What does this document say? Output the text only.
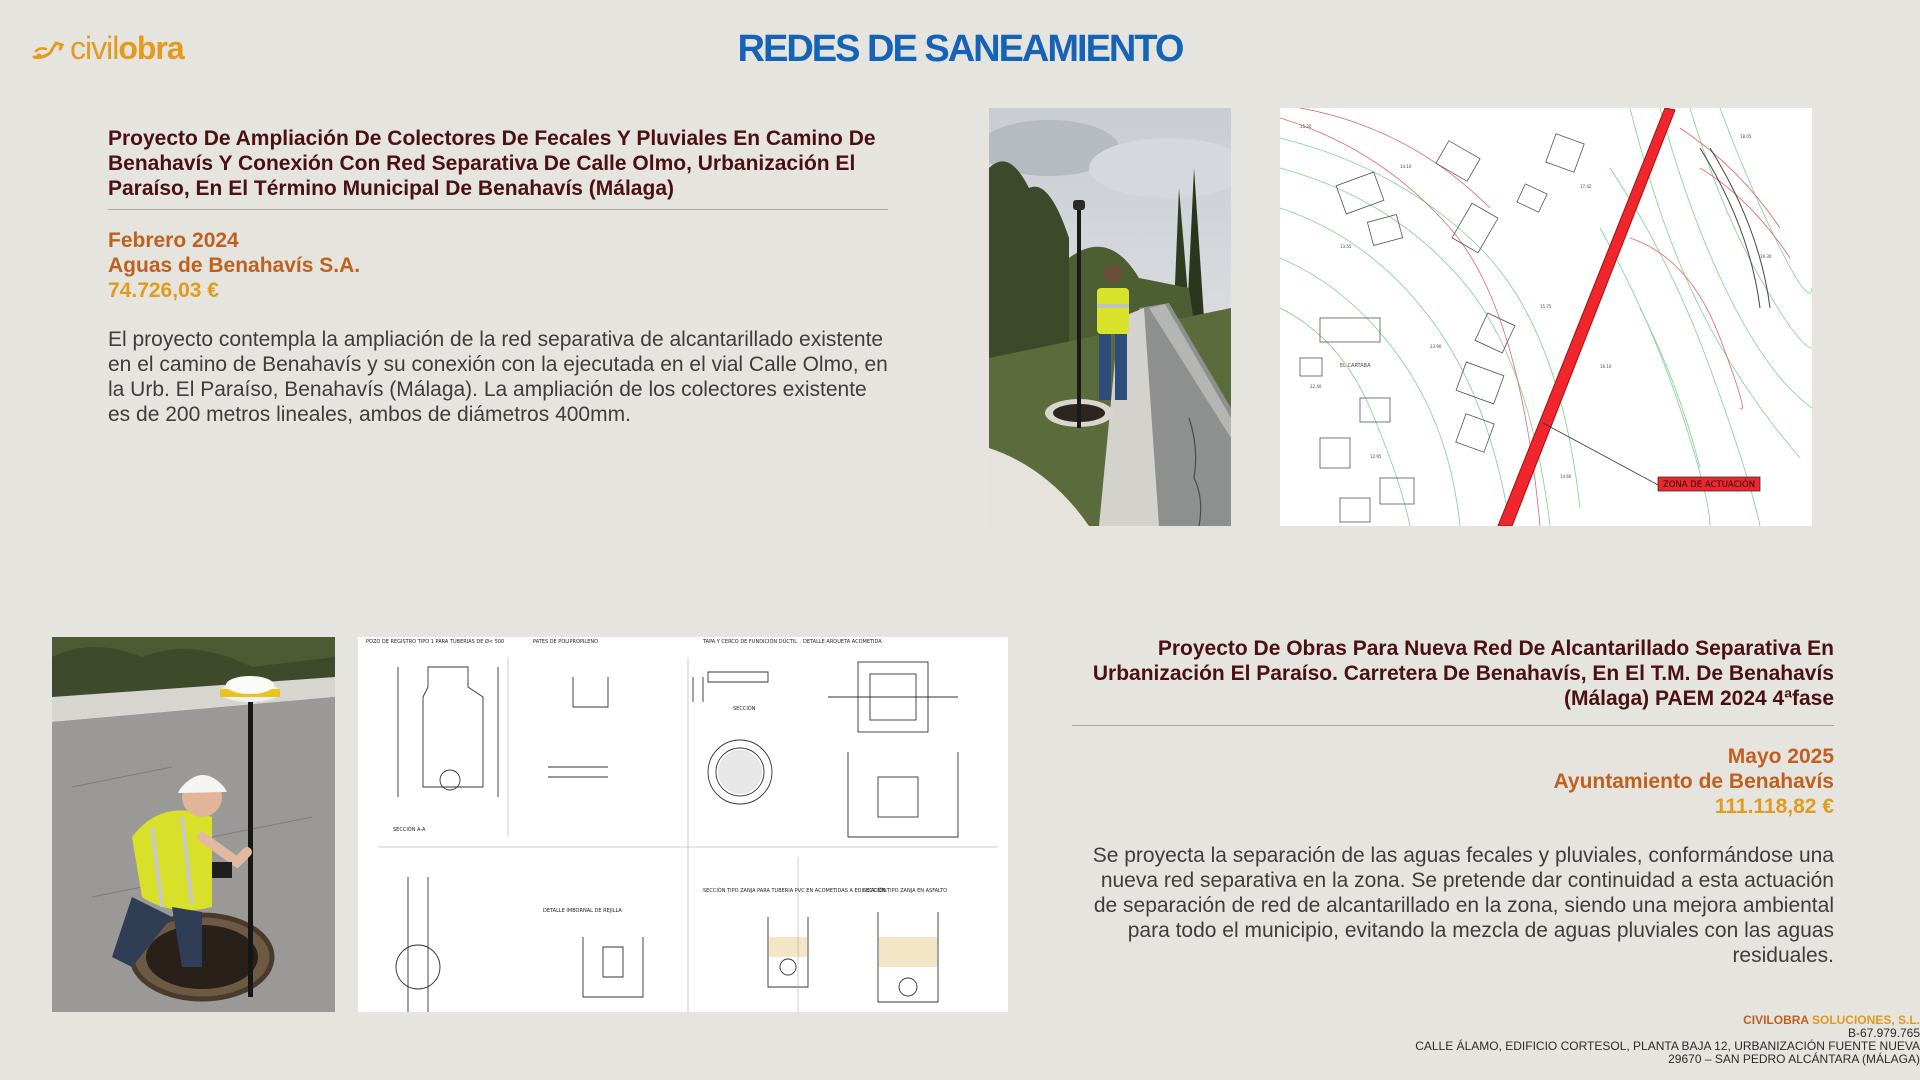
civilobra	REDES DE SANEAMIENTO
Proyecto De Ampliación De Colectores De Fecales Y Pluviales En Camino De Benahavís Y Conexión Con Red Separativa De Calle Olmo, Urbanización El Paraíso, En El Término Municipal De Benahavís (Málaga)
Febrero 2024
Aguas de Benahavís S.A.
74.726,03 €

El proyecto contempla la ampliación de la red separativa de alcantarillado existente en el camino de Benahavís y su conexión con la ejecutada en el vial Calle Olmo, en la Urb. El Paraíso, Benahavís (Málaga). La ampliación de los colectores existente es de 200 metros lineales, ambos de diámetros 400mm.

15.20
13.55
14.10
17.42
18.05
19.30
12.40
13.90
15.75
16.10
12.95
14.60
EL CARTABA
ZONA DE ACTUACIÓN
POZO DE REGISTRO TIPO 1 PARA TUBERIAS DE Ø< 500	PATES DE POLIPROPILENO	TAPA Y CERCO DE FUNDICIÓN DÚCTIL DETALLE ARQUETA ACOMETIDA
DETALLE IMBORNAL DE REJILLA
SECCIÓN TIPO ZANJA PARA TUBERIA PVC EN ACOMETIDAS A EDIFICACIÓN
SECCIÓN TIPO ZANJA EN ASFALTO
SECCIÓN A-A
SECCIÓN
Proyecto De Obras Para Nueva Red De Alcantarillado Separativa En Urbanización El Paraíso. Carretera De Benahavís, En El T.M. De Benahavís (Málaga) PAEM 2024 4ªfase
Mayo 2025
Ayuntamiento de Benahavís
111.118,82 €

Se proyecta la separación de las aguas fecales y pluviales, conformándose una nueva red separativa en la zona. Se pretende dar continuidad a esta actuación de separación de red de alcantarillado en la zona, siendo una mejora ambiental para todo el municipio, evitando la mezcla de aguas pluviales con las aguas residuales.

CIVILOBRA SOLUCIONES, S.L.
B-67.979.765
CALLE ÁLAMO, EDIFICIO CORTESOL, PLANTA BAJA 12, URBANIZACIÓN FUENTE NUEVA
29670 – SAN PEDRO ALCÁNTARA (MÁLAGA)
